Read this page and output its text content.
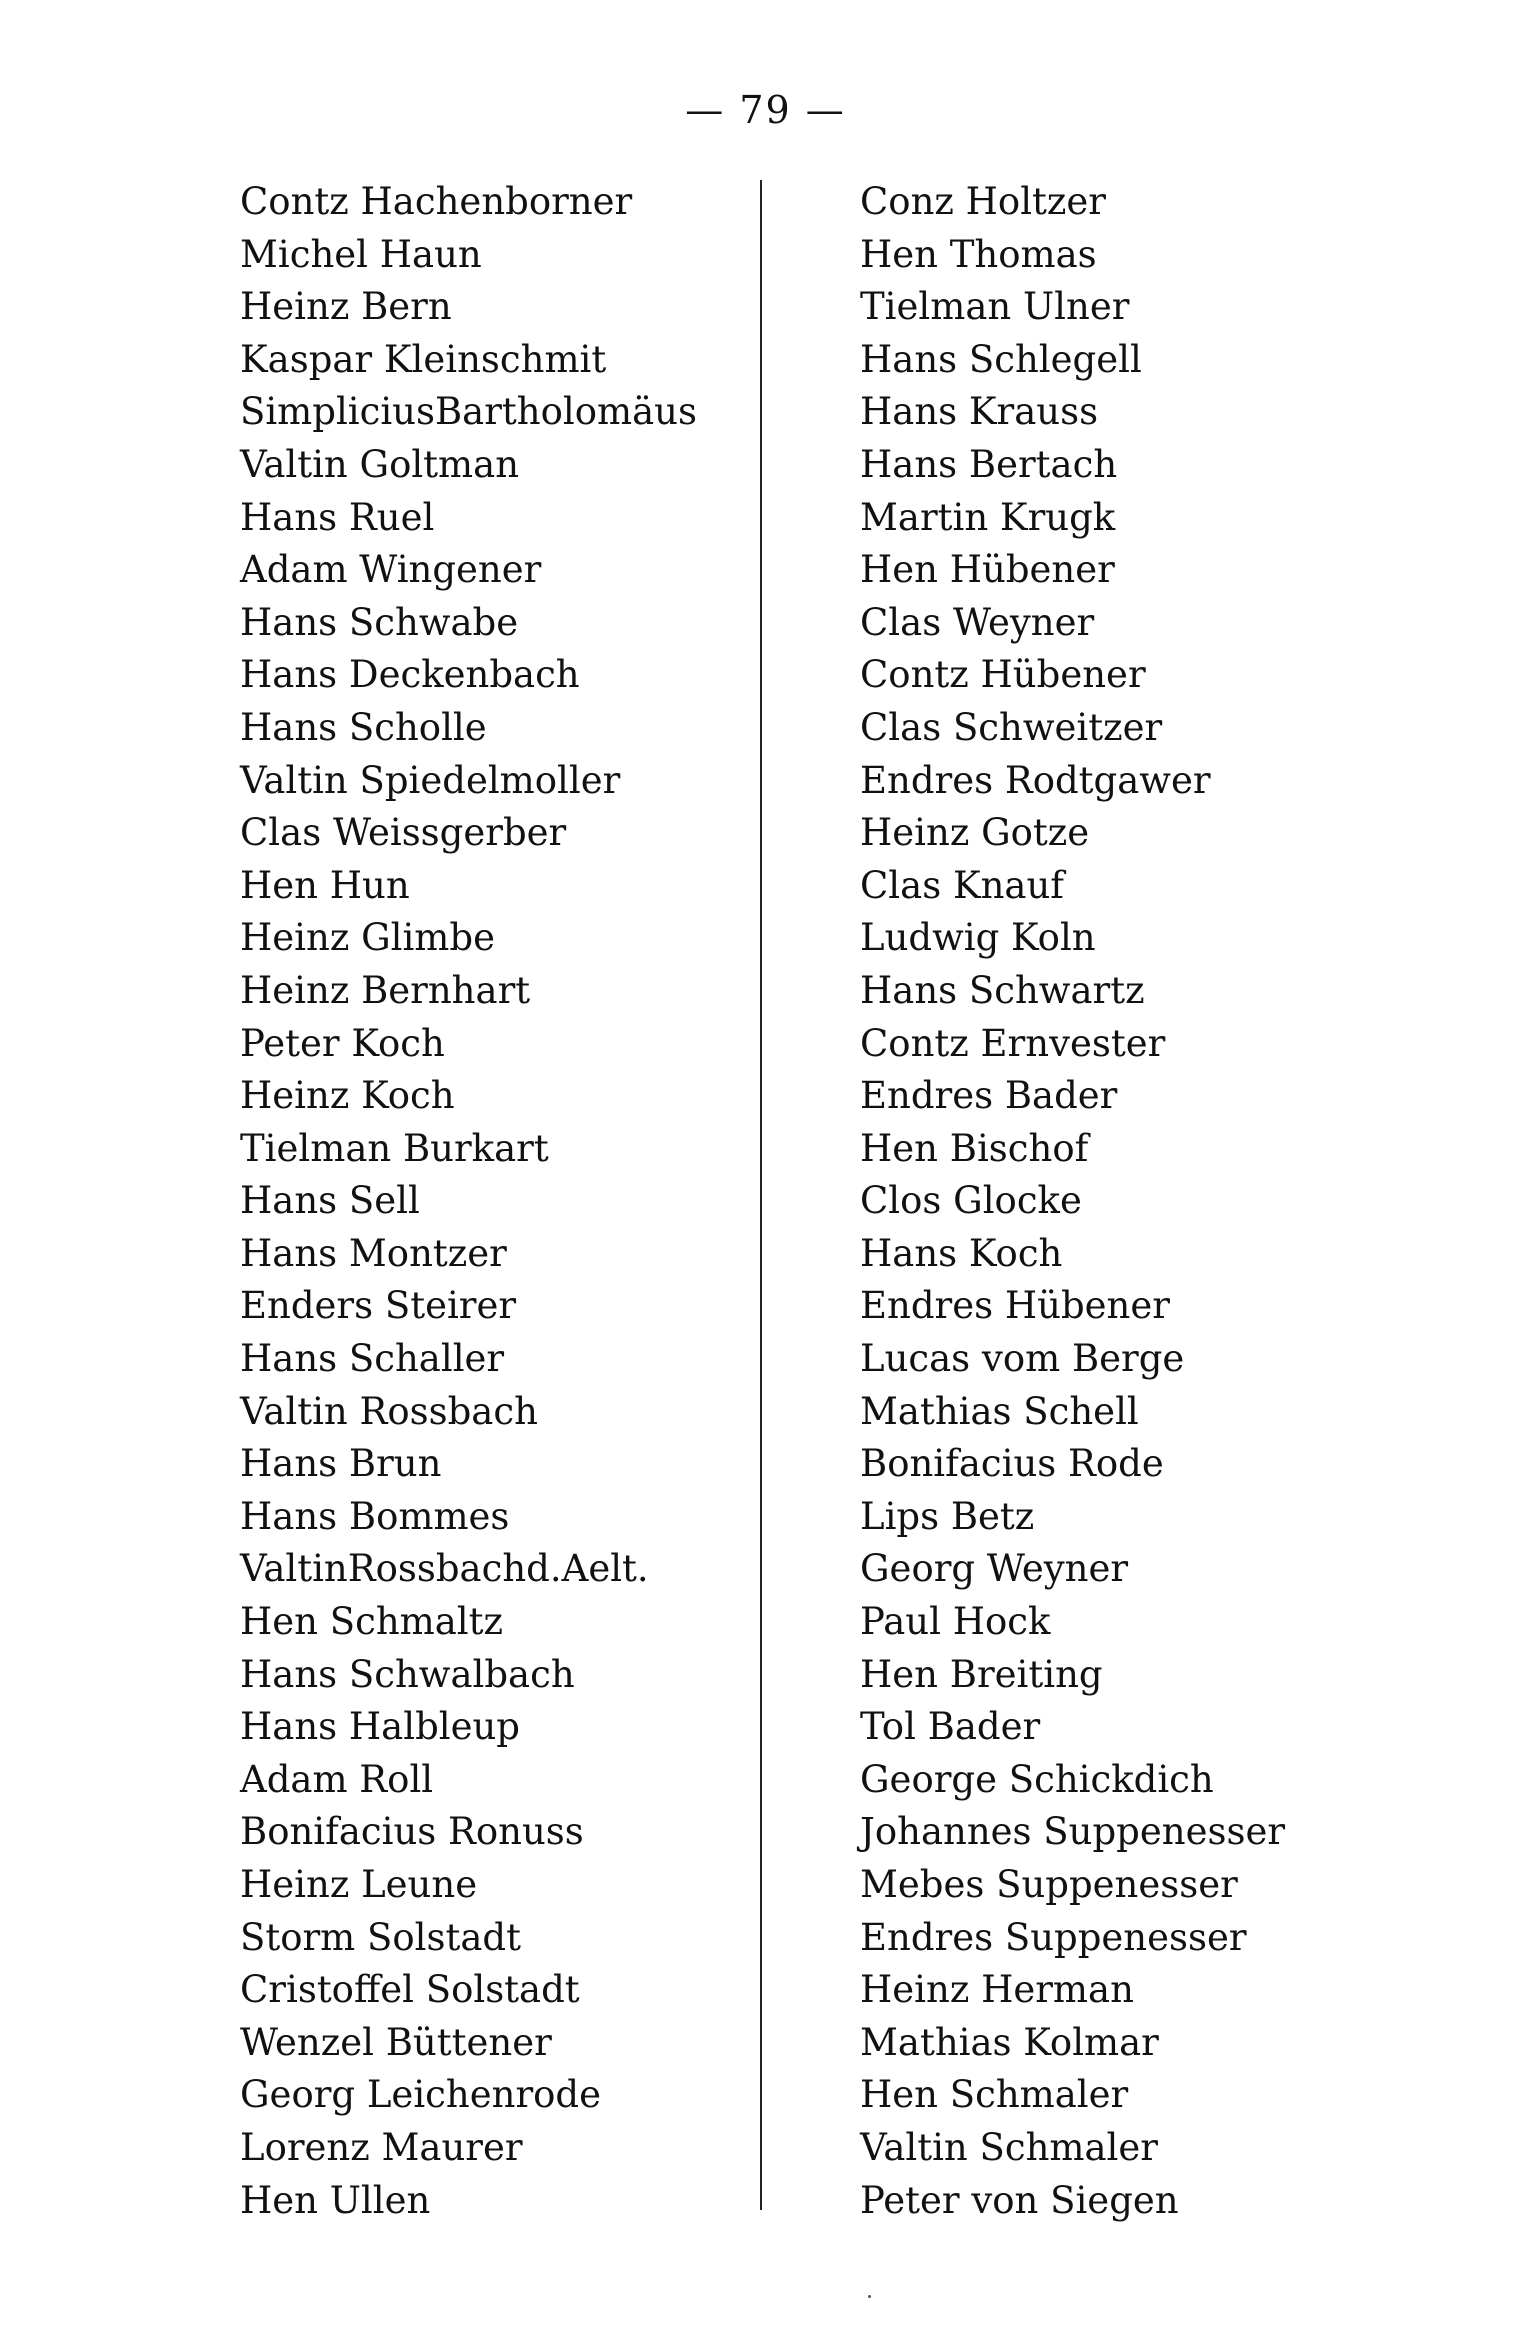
— 79 —
Contz Hachenborner
Michel Haun
Heinz Bern
Kaspar Kleinschmit
SimpliciusBartholomäus
Valtin Goltman
Hans Ruel
Adam Wingener
Hans Schwabe
Hans Deckenbach
Hans Scholle
Valtin Spiedelmoller
Clas Weissgerber
Hen Hun
Heinz Glimbe
Heinz Bernhart
Peter Koch
Heinz Koch
Tielman Burkart
Hans Sell
Hans Montzer
Enders Steirer
Hans Schaller
Valtin Rossbach
Hans Brun
Hans Bommes
ValtinRossbachd.Aelt.
Hen Schmaltz
Hans Schwalbach
Hans Halbleup
Adam Roll
Bonifacius Ronuss
Heinz Leune
Storm Solstadt
Cristoffel Solstadt
Wenzel Büttener
Georg Leichenrode
Lorenz Maurer
Hen Ullen
Conz Holtzer
Hen Thomas
Tielman Ulner
Hans Schlegell
Hans Krauss
Hans Bertach
Martin Krugk
Hen Hübener
Clas Weyner
Contz Hübener
Clas Schweitzer
Endres Rodtgawer
Heinz Gotze
Clas Knauf
Ludwig Koln
Hans Schwartz
Contz Ernvester
Endres Bader
Hen Bischof
Clos Glocke
Hans Koch
Endres Hübener
Lucas vom Berge
Mathias Schell
Bonifacius Rode
Lips Betz
Georg Weyner
Paul Hock
Hen Breiting
Tol Bader
George Schickdich
Johannes Suppenesser
Mebes Suppenesser
Endres Suppenesser
Heinz Herman
Mathias Kolmar
Hen Schmaler
Valtin Schmaler
Peter von Siegen
